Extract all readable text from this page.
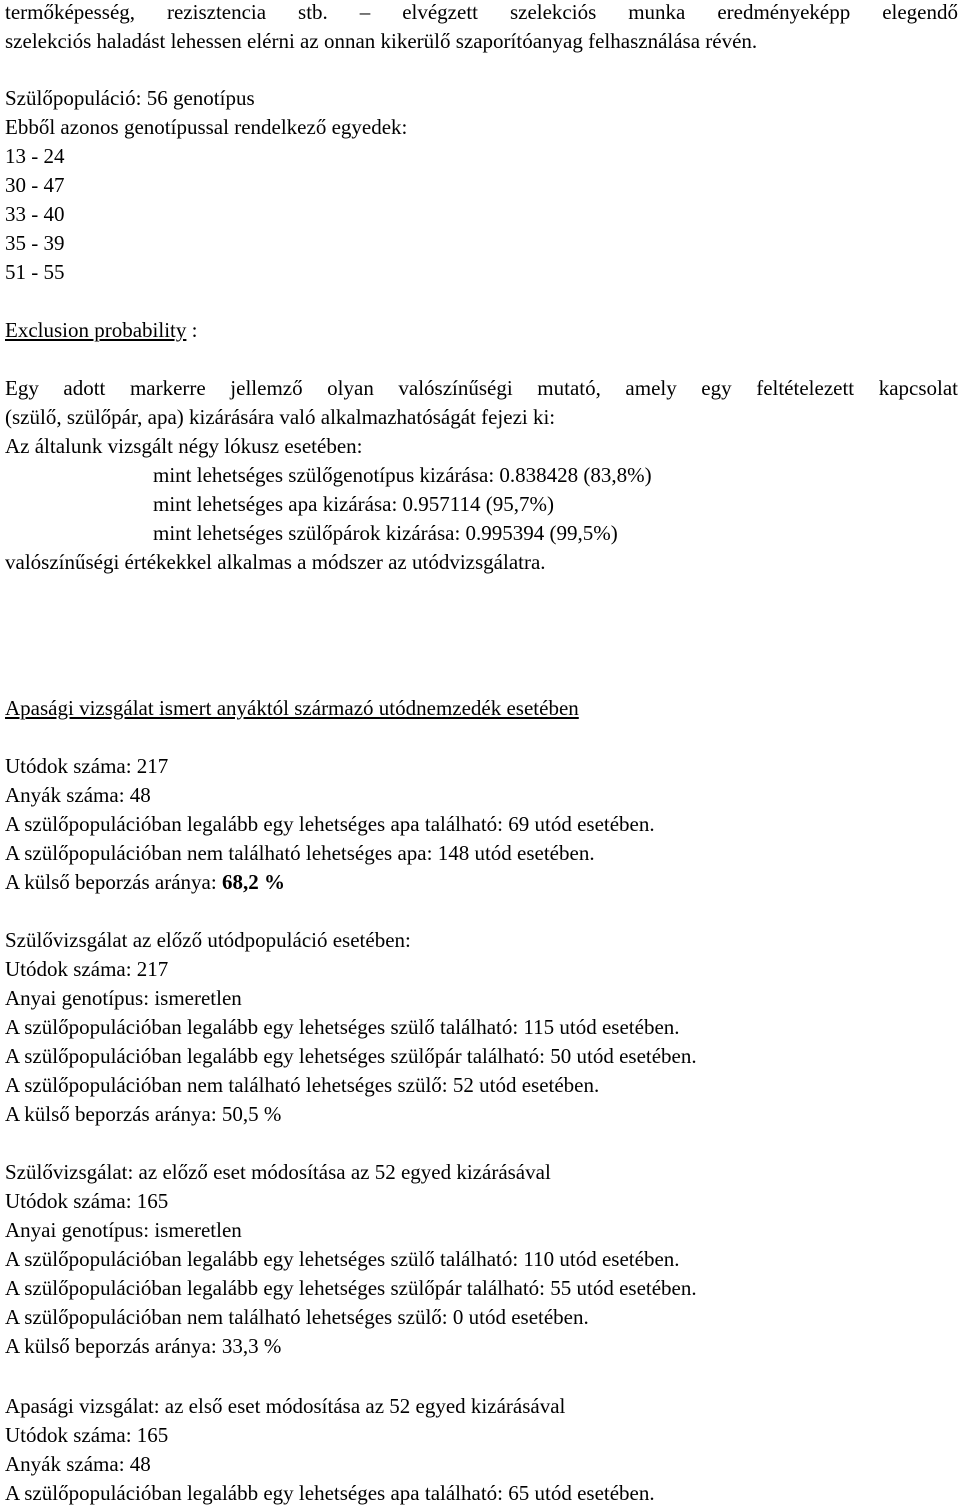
termőképesség, rezisztencia stb. – elvégzett szelekciós munka eredményeképp elegendő
szelekciós haladást lehessen elérni az onnan kikerülő szaporítóanyag felhasználása révén.
Szülőpopuláció: 56 genotípus
Ebből azonos genotípussal rendelkező egyedek:
13 - 24
30 - 47
33 - 40
35 - 39
51 - 55
Exclusion probability :
Egy adott markerre jellemző olyan valószínűségi mutató, amely egy feltételezett kapcsolat
(szülő, szülőpár, apa) kizárására való alkalmazhatóságát fejezi ki:
Az általunk vizsgált négy lókusz esetében:
mint lehetséges szülőgenotípus kizárása: 0.838428 (83,8%)
mint lehetséges apa kizárása: 0.957114 (95,7%)
mint lehetséges szülőpárok kizárása: 0.995394 (99,5%)
valószínűségi értékekkel alkalmas a módszer az utódvizsgálatra.
Apasági vizsgálat ismert anyáktól származó utódnemzedék esetében
Utódok száma: 217
Anyák száma: 48
A szülőpopulációban legalább egy lehetséges apa található: 69 utód esetében.
A szülőpopulációban nem található lehetséges apa: 148 utód esetében.
A külső beporzás aránya: 68,2 %
Szülővizsgálat az előző utódpopuláció esetében:
Utódok száma: 217
Anyai genotípus: ismeretlen
A szülőpopulációban legalább egy lehetséges szülő található: 115 utód esetében.
A szülőpopulációban legalább egy lehetséges szülőpár található: 50 utód esetében.
A szülőpopulációban nem található lehetséges szülő: 52 utód esetében.
A külső beporzás aránya: 50,5 %
Szülővizsgálat: az előző eset módosítása az 52 egyed kizárásával
Utódok száma: 165
Anyai genotípus: ismeretlen
A szülőpopulációban legalább egy lehetséges szülő található: 110 utód esetében.
A szülőpopulációban legalább egy lehetséges szülőpár található: 55 utód esetében.
A szülőpopulációban nem található lehetséges szülő: 0 utód esetében.
A külső beporzás aránya: 33,3 %
Apasági vizsgálat: az első eset módosítása az 52 egyed kizárásával
Utódok száma: 165
Anyák száma: 48
A szülőpopulációban legalább egy lehetséges apa található: 65 utód esetében.
